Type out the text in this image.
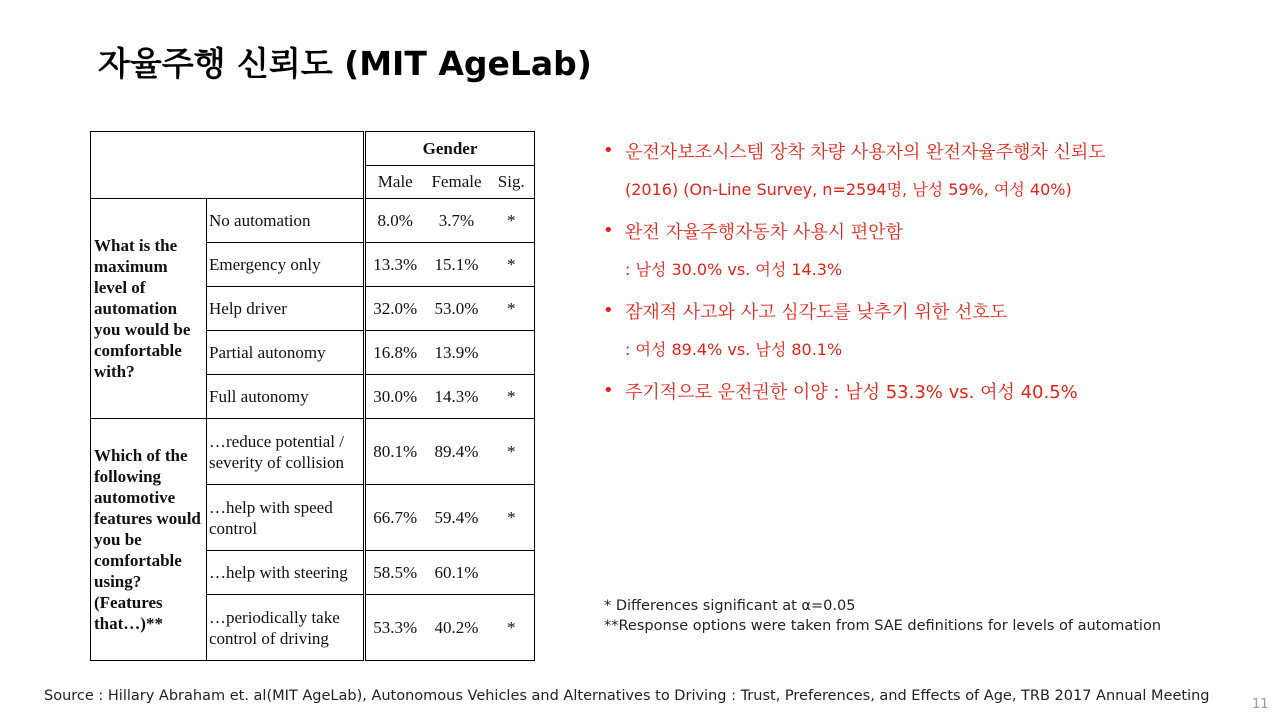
자율주행 신뢰도 (MIT AgeLab)
		Gender		
		Male	Female	Sig.
What is the maximum level of automation you would be comfortable with?	No automation	8.0%	3.7%	*
	Emergency only	13.3%	15.1%	*
	Help driver	32.0%	53.0%	*
	Partial autonomy	16.8%	13.9%	
	Full autonomy	30.0%	14.3%	*
Which of the following automotive features would you be comfortable using? (Features that…)**	…reduce potential / severity of collision	80.1%	89.4%	*
	…help with speed control	66.7%	59.4%	*
	…help with steering	58.5%	60.1%	
	…periodically take control of driving	53.3%	40.2%	*
• 운전자보조시스템 장착 차량 사용자의 완전자율주행차 신뢰도
(2016) (On-Line Survey, n=2594명, 남성 59%, 여성 40%)
• 완전 자율주행자동차 사용시 편안함
: 남성 30.0% vs. 여성 14.3%
• 잠재적 사고와 사고 심각도를 낮추기 위한 선호도
: 여성 89.4% vs. 남성 80.1%
• 주기적으로 운전권한 이양 : 남성 53.3% vs. 여성 40.5%
* Differences significant at α=0.05
**Response options were taken from SAE definitions for levels of automation
Source : Hillary Abraham et. al(MIT AgeLab), Autonomous Vehicles and Alternatives to Driving : Trust, Preferences, and Effects of Age, TRB 2017 Annual Meeting
11
